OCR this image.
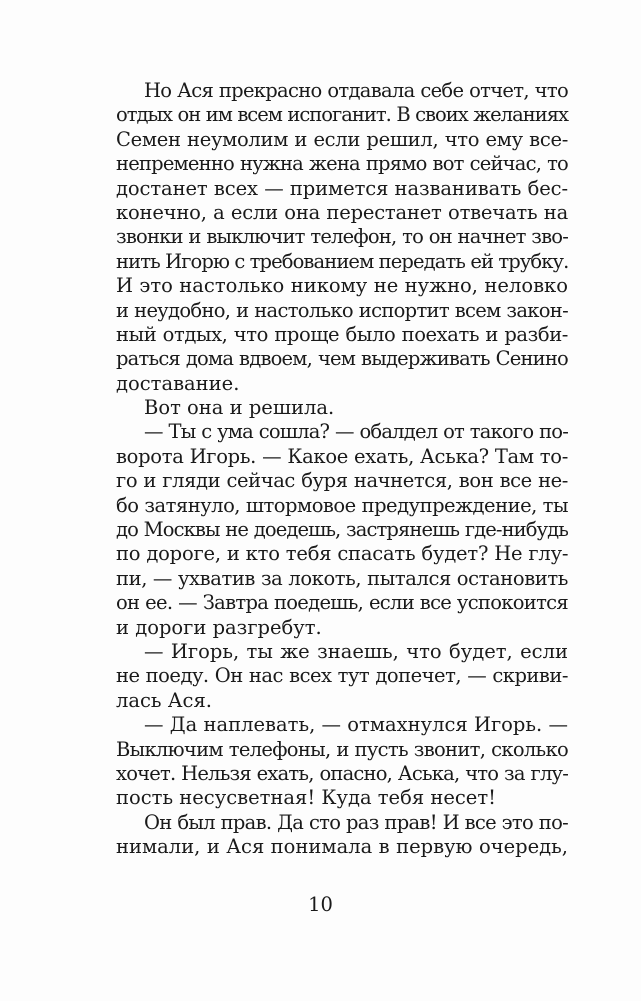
Но Ася прекрасно отдавала себе отчет, что
отдых он им всем испоганит. В своих желаниях
Семен неумолим и если решил, что ему все-
непременно нужна жена прямо вот сейчас, то
достанет всех — примется названивать бес-
конечно, а если она перестанет отвечать на
звонки и выключит телефон, то он начнет зво-
нить Игорю с требованием передать ей трубку.
И это настолько никому не нужно, неловко
и неудобно, и настолько испортит всем закон-
ный отдых, что проще было поехать и разби-
раться дома вдвоем, чем выдерживать Сенино
доставание.
Вот она и решила.
— Ты с ума сошла? — обалдел от такого по-
ворота Игорь. — Какое ехать, Аська? Там то-
го и гляди сейчас буря начнется, вон все не-
бо затянуло, штормовое предупреждение, ты
до Москвы не доедешь, застрянешь где-нибудь
по дороге, и кто тебя спасать будет? Не глу-
пи, — ухватив за локоть, пытался остановить
он ее. — Завтра поедешь, если все успокоится
и дороги разгребут.
— Игорь, ты же знаешь, что будет, если
не поеду. Он нас всех тут допечет, — скриви-
лась Ася.
— Да наплевать, — отмахнулся Игорь. —
Выключим телефоны, и пусть звонит, сколько
хочет. Нельзя ехать, опасно, Аська, что за глу-
пость несусветная! Куда тебя несет!
Он был прав. Да сто раз прав! И все это по-
нимали, и Ася понимала в первую очередь,
10
